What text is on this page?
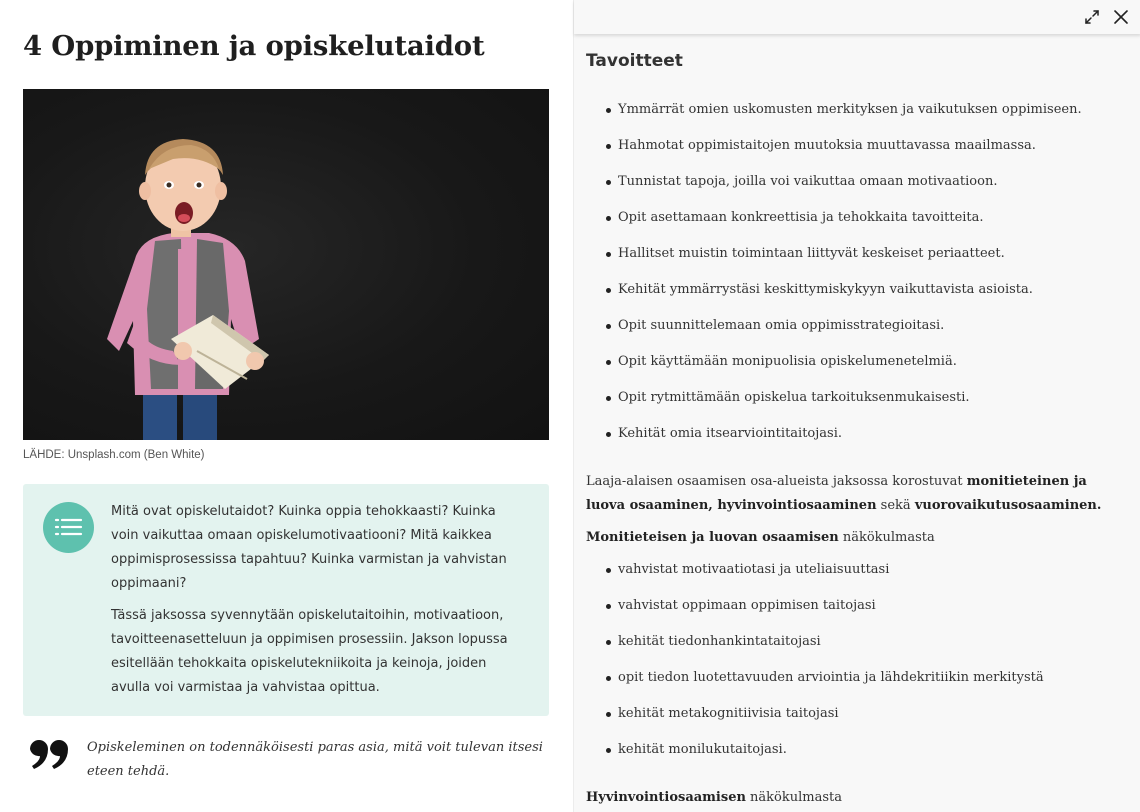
4 Oppiminen ja opiskelutaidot
LÄHDE: Unsplash.com (Ben White)

Mitä ovat opiskelutaidot? Kuinka oppia tehokkaasti? Kuinka voin vaikuttaa omaan opiskelumotivaatiooni? Mitä kaikkea oppimisprosessissa tapahtuu? Kuinka varmistan ja vahvistan oppimaani?

Tässä jaksossa syvennytään opiskelutaitoihin, motivaatioon, tavoitteenasetteluun ja oppimisen prosessiin. Jakson lopussa esitellään tehokkaita opiskelutekniikoita ja keinoja, joiden avulla voi varmistaa ja vahvistaa opittua.

Opiskeleminen on todennäköisesti paras asia, mitä voit tulevan itsesi eteen tehdä.

Tavoitteet
Ymmärrät omien uskomusten merkityksen ja vaikutuksen oppimiseen.
Hahmotat oppimistaitojen muutoksia muuttavassa maailmassa.
Tunnistat tapoja, joilla voi vaikuttaa omaan motivaatioon.
Opit asettamaan konkreettisia ja tehokkaita tavoitteita.
Hallitset muistin toimintaan liittyvät keskeiset periaatteet.
Kehität ymmärrystäsi keskittymiskykyyn vaikuttavista asioista.
Opit suunnittelemaan omia oppimisstrategioitasi.
Opit käyttämään monipuolisia opiskelumenetelmiä.
Opit rytmittämään opiskelua tarkoituksenmukaisesti.
Kehität omia itsearviointitaitojasi.

Laaja-alaisen osaamisen osa-alueista jaksossa korostuvat monitieteinen ja luova osaaminen, hyvinvointiosaaminen sekä vuorovaikutusosaaminen.

Monitieteisen ja luovan osaamisen näkökulmasta

vahvistat motivaatiotasi ja uteliaisuuttasi
vahvistat oppimaan oppimisen taitojasi
kehität tiedonhankintataitojasi
opit tiedon luotettavuuden arviointia ja lähdekritiikin merkitystä
kehität metakognitiivisia taitojasi
kehität monilukutaitojasi.

Hyvinvointiosaamisen näkökulmasta
